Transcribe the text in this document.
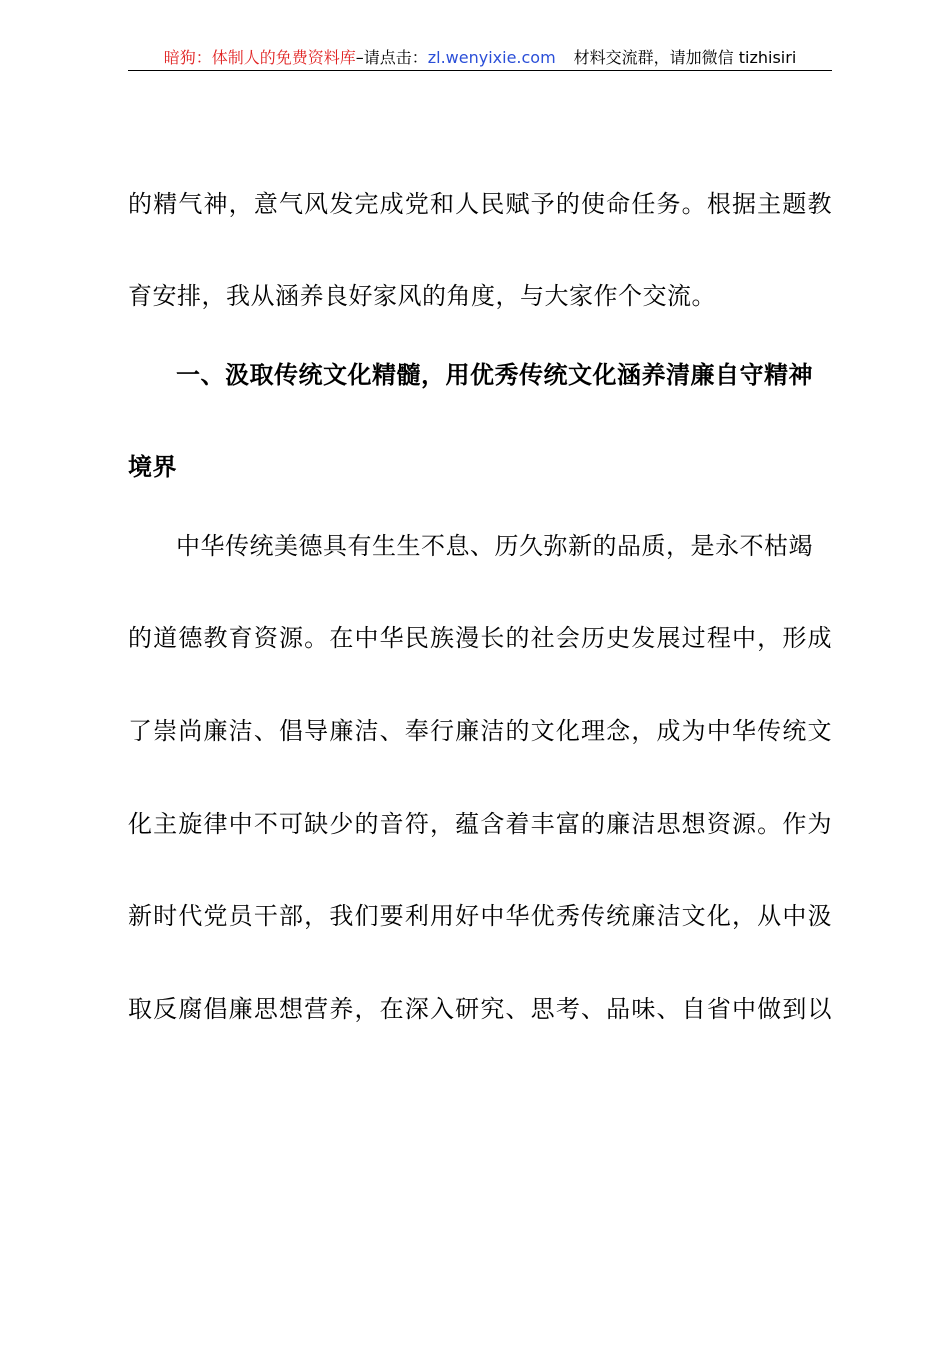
暗狗：体制人的免费资料库 –请点击： zl.wenyixie.com 材料交流群，请加微信 tizhisiri
的精气神，意气风发完成党和人民赋予的使命任务。根据主题教
育安排，我从涵养良好家风的角度，与大家作个交流。
一、汲取传统文化精髓，用优秀传统文化涵养清廉自守精神
境界
中华传统美德具有生生不息、历久弥新的品质，是永不枯竭
的道德教育资源。在中华民族漫长的社会历史发展过程中，形成
了崇尚廉洁、倡导廉洁、奉行廉洁的文化理念，成为中华传统文
化主旋律中不可缺少的音符，蕴含着丰富的廉洁思想资源。作为
新时代党员干部，我们要利用好中华优秀传统廉洁文化，从中汲
取反腐倡廉思想营养，在深入研究、思考、品味、自省中做到以
